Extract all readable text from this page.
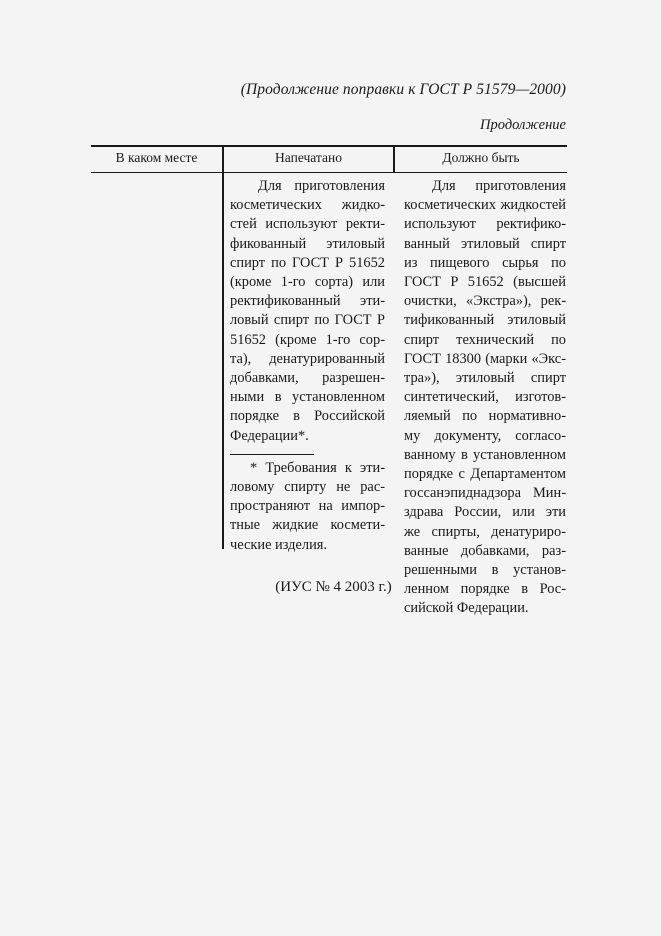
(Продолжение поправки к ГОСТ Р 51579—2000)
Продолжение
В каком месте	Напечатано	Должно быть
Для приготовления
косметических жидко-
стей используют ректи-
фикованный этиловый
спирт по ГОСТ Р 51652
(кроме 1-го сорта) или
ректификованный эти-
ловый спирт по ГОСТ Р
51652 (кроме 1-го сор-
та), денатурированный
добавками, разрешен-
ными в установленном
порядке в Российской
Федерации*.
* Требования к эти-
ловому спирту не рас-
пространяют на импор-
тные жидкие космети-
ческие изделия.
Для приготовления
косметических жидкостей
используют ректифико-
ванный этиловый спирт
из пищевого сырья по
ГОСТ Р 51652 (высшей
очистки, «Экстра»), рек-
тификованный этиловый
спирт технический по
ГОСТ 18300 (марки «Экс-
тра»), этиловый спирт
синтетический, изготов-
ляемый по нормативно-
му документу, согласо-
ванному в установленном
порядке с Департаментом
госсанэпиднадзора Мин-
здрава России, или эти
же спирты, денатуриро-
ванные добавками, раз-
решенными в установ-
ленном порядке в Рос-
сийской Федерации.
(ИУС № 4 2003 г.)
